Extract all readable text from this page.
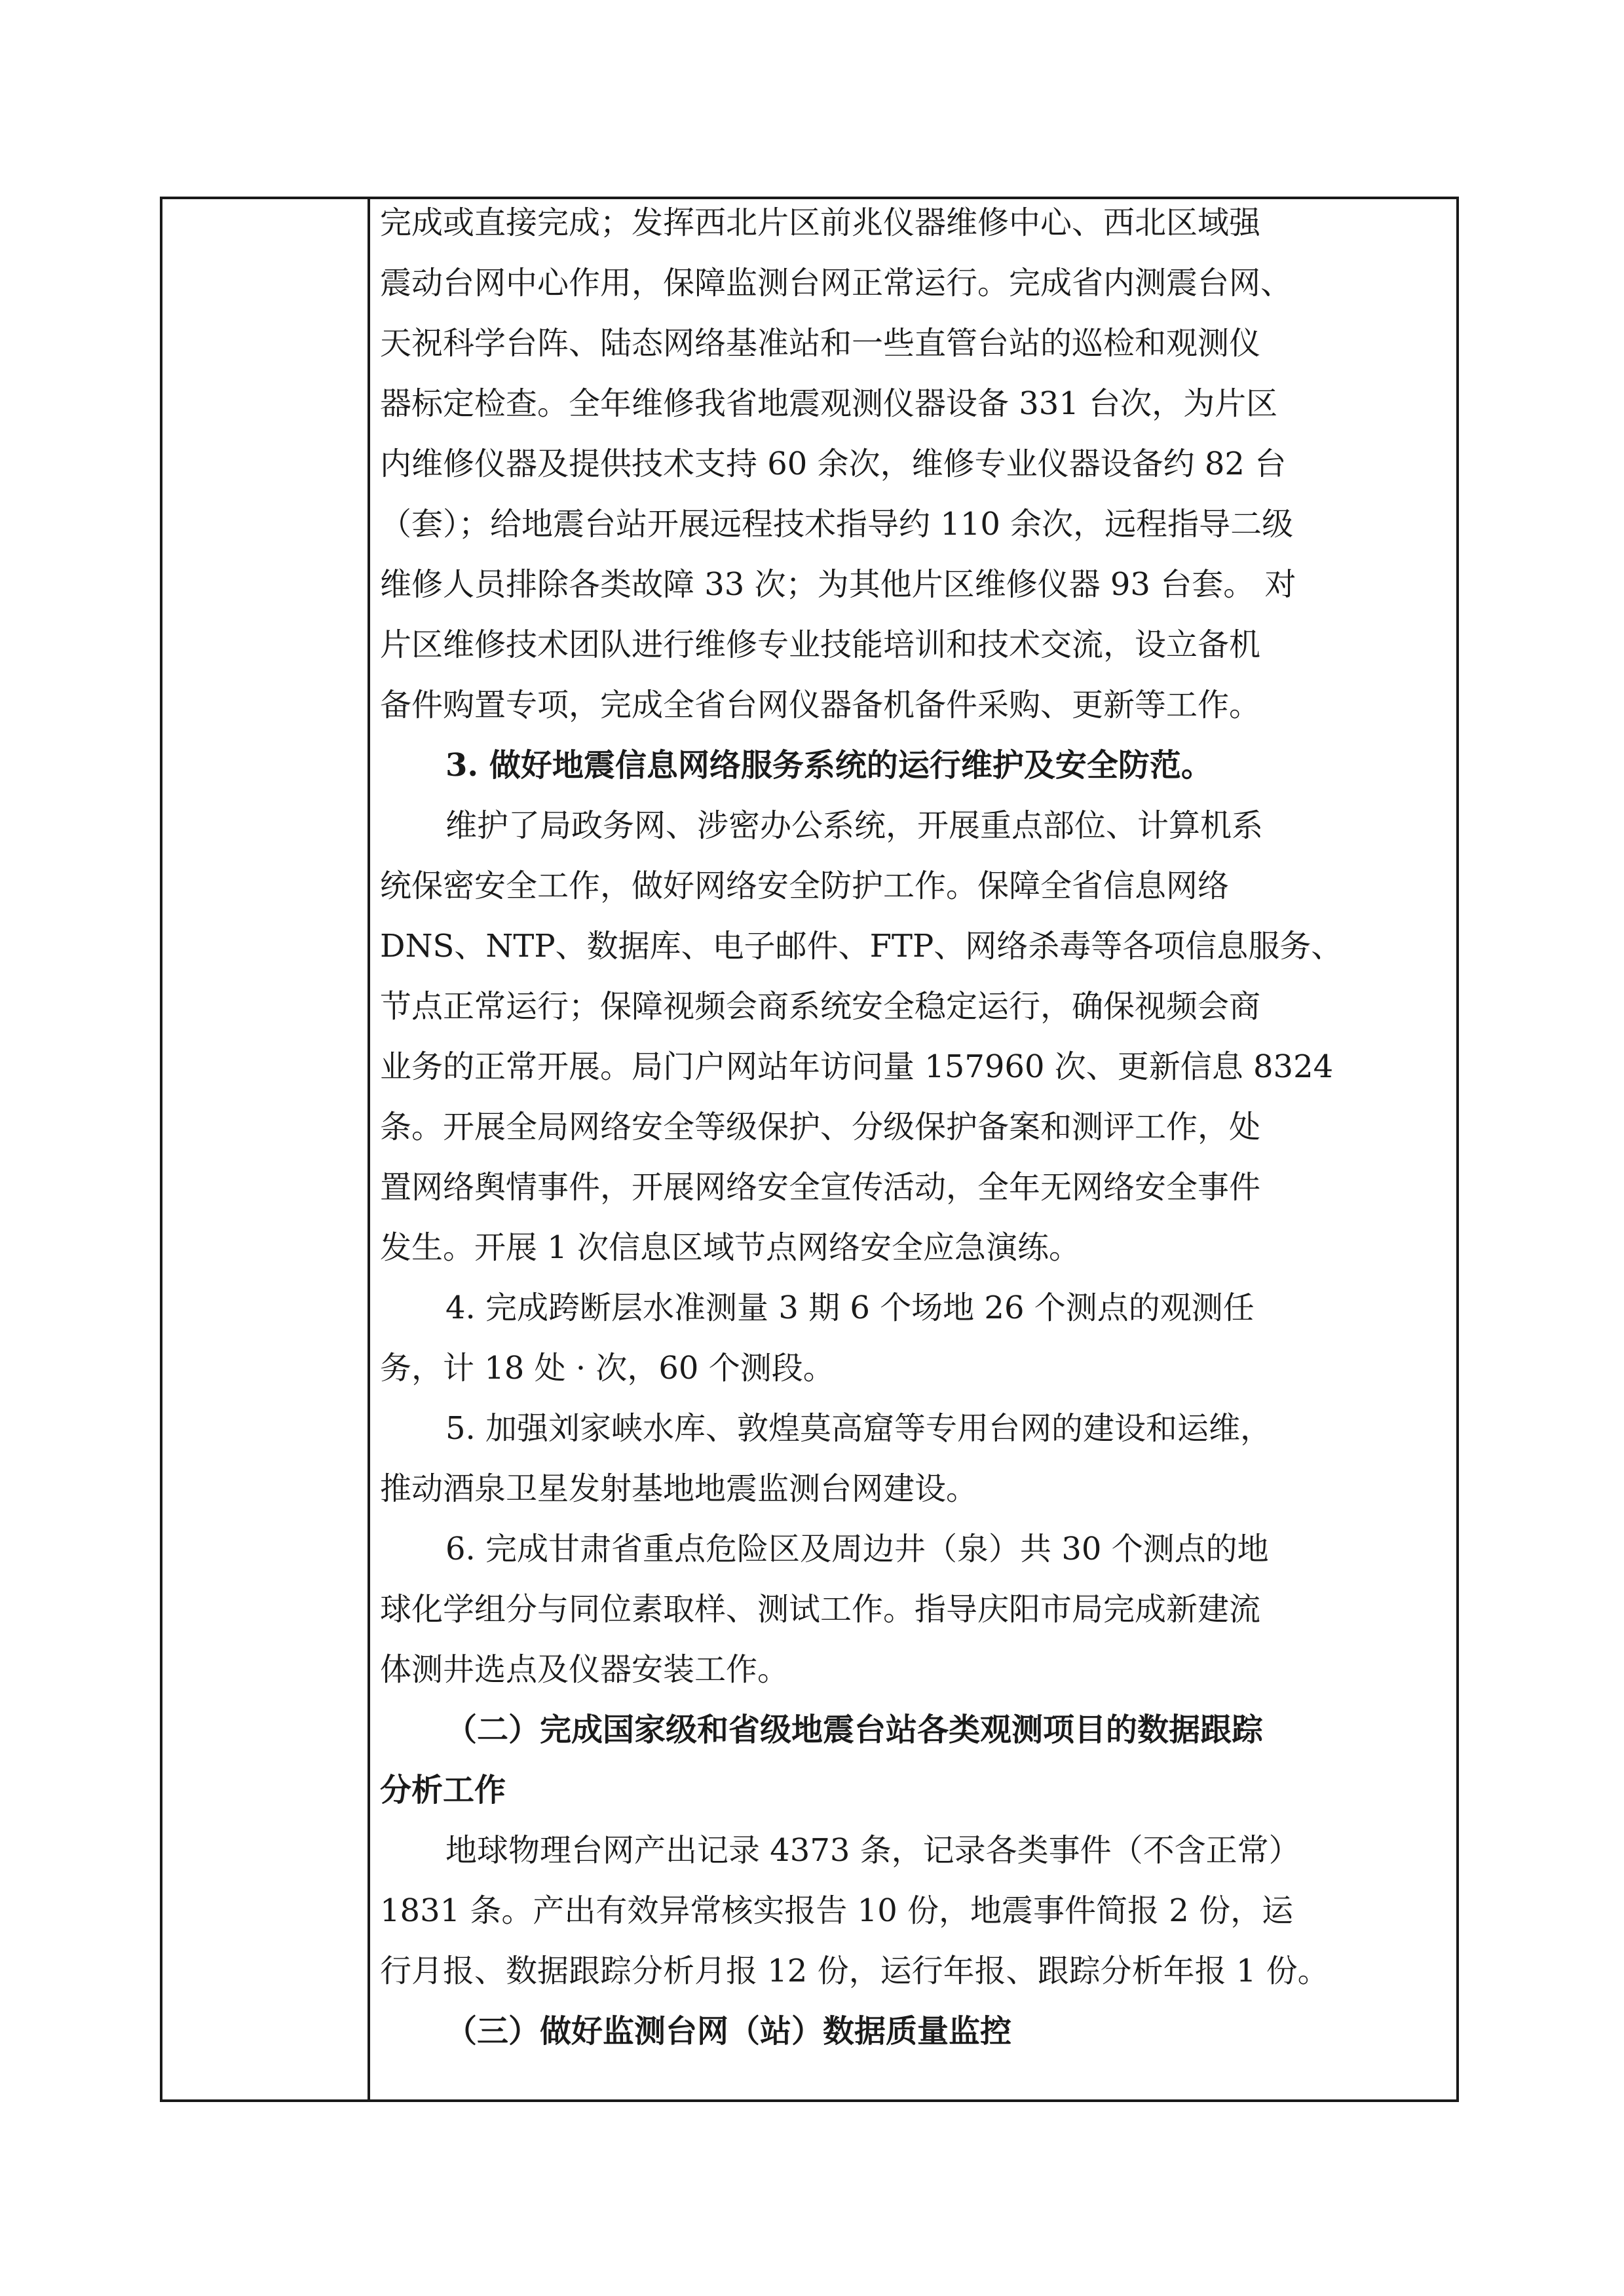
完成或直接完成；发挥西北片区前兆仪器维修中心、西北区域强
震动台网中心作用，保障监测台网正常运行。完成省内测震台网、
天祝科学台阵、陆态网络基准站和一些直管台站的巡检和观测仪
器标定检查。全年维修我省地震观测仪器设备 331 台次，为片区
内维修仪器及提供技术支持 60 余次，维修专业仪器设备约 82 台
（套）；给地震台站开展远程技术指导约 110 余次，远程指导二级
维修人员排除各类故障 33 次；为其他片区维修仪器 93 台套。 对
片区维修技术团队进行维修专业技能培训和技术交流，设立备机
备件购置专项，完成全省台网仪器备机备件采购、更新等工作。
3. 做好地震信息网络服务系统的运行维护及安全防范。
维护了局政务网、涉密办公系统，开展重点部位、计算机系
统保密安全工作，做好网络安全防护工作。保障全省信息网络
DNS、NTP、数据库、电子邮件、FTP、网络杀毒等各项信息服务、
节点正常运行；保障视频会商系统安全稳定运行，确保视频会商
业务的正常开展。局门户网站年访问量 157960 次、更新信息 8324
条。开展全局网络安全等级保护、分级保护备案和测评工作，处
置网络舆情事件，开展网络安全宣传活动，全年无网络安全事件
发生。开展 1 次信息区域节点网络安全应急演练。
4. 完成跨断层水准测量 3 期 6 个场地 26 个测点的观测任
务，计 18 处 · 次，60 个测段。
5. 加强刘家峡水库、敦煌莫高窟等专用台网的建设和运维，
推动酒泉卫星发射基地地震监测台网建设。
6. 完成甘肃省重点危险区及周边井（泉）共 30 个测点的地
球化学组分与同位素取样、测试工作。指导庆阳市局完成新建流
体测井选点及仪器安装工作。
（二）完成国家级和省级地震台站各类观测项目的数据跟踪
分析工作
地球物理台网产出记录 4373 条，记录各类事件（不含正常）
1831 条。产出有效异常核实报告 10 份，地震事件简报 2 份，运
行月报、数据跟踪分析月报 12 份，运行年报、跟踪分析年报 1 份。
（三）做好监测台网（站）数据质量监控
